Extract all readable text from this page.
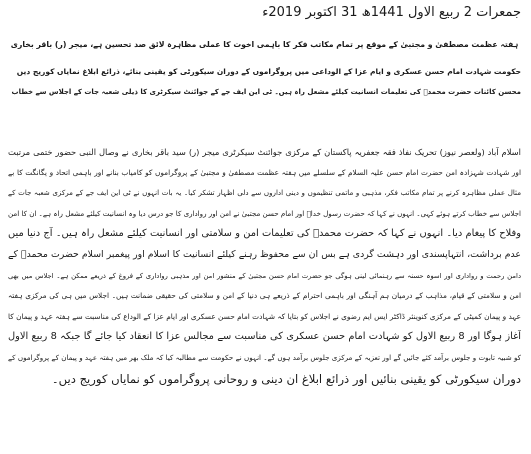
جمعرات 2 ربیع الاول 1441ھ 31 اکتوبر 2019ء
ہفتہ عظمت مصطفیٰ و مجتبیٰ کے موقع پر تمام مکاتب فکر کا باہمی اخوت کا عملی مظاہرہ لائق صد تحسین ہے، میجر (ر) باقر بخاری

حکومت شہادت امام حسن عسکری و ایام عزا کے الوداعی میں پروگراموں کے دوران سیکورٹی کو یقینی بنائے، ذرائع ابلاغ نمایاں کوریج دیں

محسن کائنات حضرت محمدؐ کی تعلیمات انسانیت کیلئے مشعل راہ ہیں۔ ٹی این ایف جے کے جوائنٹ سیکرٹری کا ذیلی شعبہ جات کے اجلاس سے خطاب

اسلام آباد (ولعصر نیوز) تحریک نفاذ فقہ جعفریہ پاکستان کے مرکزی جوائنٹ سیکرٹری میجر (ر) سید باقر بخاری نے وصال النبی حضور ختمی مرتبت

اور شہادت شہزادہ امن حضرت امام حسن علیہ السلام کے سلسلے میں ہفتہ عظمت مصطفیٰ و مجتبیٰ کے پروگراموں کو کامیاب بنانے اور باہمی اتحاد و یگانگت کا بے

مثال عملی مظاہرہ کرنے پر تمام مکاتب فکر، مذہبی و ماتمی تنظیموں و دینی اداروں سے دلی اظہار تشکر کیا۔ یہ بات انہوں نے ٹی این ایف جے کے مرکزی شعبہ جات کے

اجلاس سے خطاب کرتے ہوئے کہی۔ انہوں نے کہا کہ حضرت رسول خداؐ اور امام حسن مجتبیٰ نے امن اور رواداری کا جو درس دیا وہ انسانیت کیلئے مشعل راہ ہے۔ ان کا امن

وفلاح کا پیغام دیا۔ انہوں نے کہا کہ حضرت محمدؐ کی تعلیمات امن و سلامتی اور انسانیت کیلئے مشعل راہ ہیں۔ آج دنیا میں

عدم برداشت، انتہاپسندی اور دہشت گردی ہے بس ان سے محفوظ رہنے کیلئے انسانیت کا اسلام اور پیغمبر اسلام حضرت محمدؐ کے

دامن رحمت و رواداری اور اسوہ حسنہ سے رہنمائی لینی ہوگی جو حضرت امام حسن مجتبیٰ کے منشور امن اور مذہبی رواداری کے فروغ کے ذریعے ممکن ہے۔ اجلاس میں بھی

امن و سلامتی کے قیام، مذاہب کے درمیان ہم آہنگی اور باہمی احترام کے ذریعے ہی دنیا کے امن و سلامتی کی حقیقی ضمانت ہیں۔ اجلاس میں ہی کی مرکزی ہفتہ

عہد و پیمان کمیٹی کے مرکزی کنوینئر ڈاکٹر ایس ایم رضوی نے اجلاس کو بتایا کہ شہادت امام حسن عسکری اور ایام عزا کے الوداع کی مناسبت سے ہفتہ عہد و پیمان کا

آغاز ہوگا اور 8 ربیع الاول کو شہادت امام حسن عسکری کی مناسبت سے مجالس عزا کا انعقاد کیا جائے گا جبکہ 8 ربیع الاول

کو شبیہ تابوت و جلوس برآمد کئے جائیں گے اور تعزیہ کے مرکزی جلوس برآمد ہوں گے۔ انہوں نے حکومت سے مطالبہ کیا کہ ملک بھر میں ہفتہ عہد و پیمان کے پروگراموں کے

دوران سیکورٹی کو یقینی بنائیں اور ذرائع ابلاغ ان دینی و روحانی پروگراموں کو نمایاں کوریج دیں۔
